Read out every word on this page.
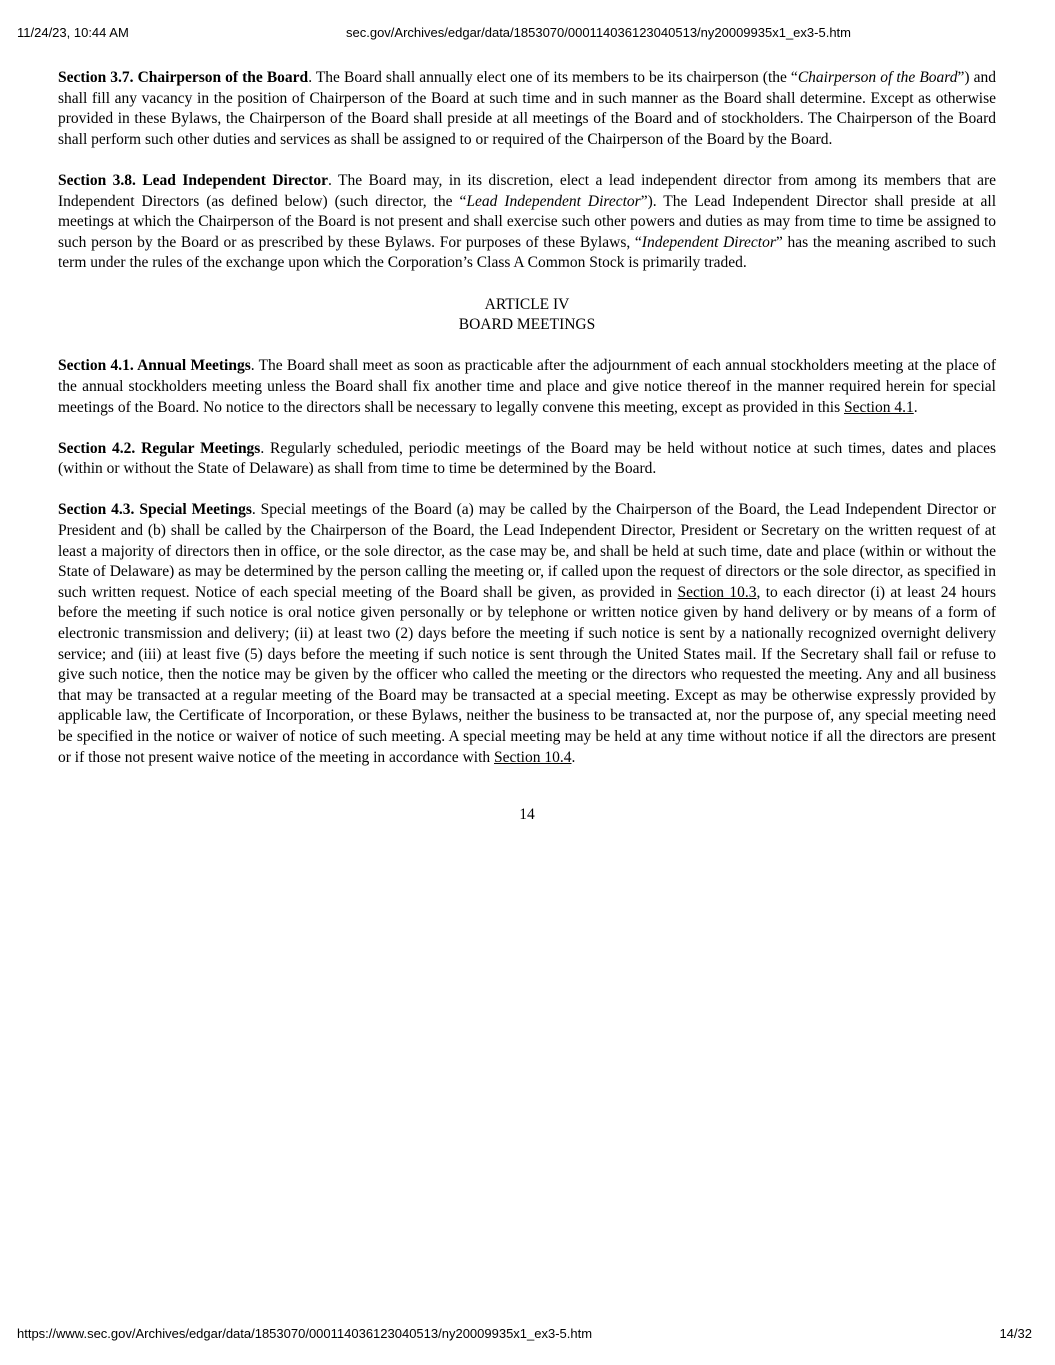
11/24/23, 10:44 AM	sec.gov/Archives/edgar/data/1853070/000114036123040513/ny20009935x1_ex3-5.htm

Section 3.7. Chairperson of the Board. The Board shall annually elect one of its members to be its chairperson (the “Chairperson of the Board”) and shall fill any vacancy in the position of Chairperson of the Board at such time and in such manner as the Board shall determine. Except as otherwise provided in these Bylaws, the Chairperson of the Board shall preside at all meetings of the Board and of stockholders. The Chairperson of the Board shall perform such other duties and services as shall be assigned to or required of the Chairperson of the Board by the Board.

Section 3.8. Lead Independent Director. The Board may, in its discretion, elect a lead independent director from among its members that are Independent Directors (as defined below) (such director, the “Lead Independent Director”). The Lead Independent Director shall preside at all meetings at which the Chairperson of the Board is not present and shall exercise such other powers and duties as may from time to time be assigned to such person by the Board or as prescribed by these Bylaws. For purposes of these Bylaws, “Independent Director” has the meaning ascribed to such term under the rules of the exchange upon which the Corporation’s Class A Common Stock is primarily traded.

ARTICLE IV

BOARD MEETINGS

Section 4.1. Annual Meetings. The Board shall meet as soon as practicable after the adjournment of each annual stockholders meeting at the place of the annual stockholders meeting unless the Board shall fix another time and place and give notice thereof in the manner required herein for special meetings of the Board. No notice to the directors shall be necessary to legally convene this meeting, except as provided in this Section 4.1.

Section 4.2. Regular Meetings. Regularly scheduled, periodic meetings of the Board may be held without notice at such times, dates and places (within or without the State of Delaware) as shall from time to time be determined by the Board.

Section 4.3. Special Meetings. Special meetings of the Board (a) may be called by the Chairperson of the Board, the Lead Independent Director or President and (b) shall be called by the Chairperson of the Board, the Lead Independent Director, President or Secretary on the written request of at least a majority of directors then in office, or the sole director, as the case may be, and shall be held at such time, date and place (within or without the State of Delaware) as may be determined by the person calling the meeting or, if called upon the request of directors or the sole director, as specified in such written request. Notice of each special meeting of the Board shall be given, as provided in Section 10.3, to each director (i) at least 24 hours before the meeting if such notice is oral notice given personally or by telephone or written notice given by hand delivery or by means of a form of electronic transmission and delivery; (ii) at least two (2) days before the meeting if such notice is sent by a nationally recognized overnight delivery service; and (iii) at least five (5) days before the meeting if such notice is sent through the United States mail. If the Secretary shall fail or refuse to give such notice, then the notice may be given by the officer who called the meeting or the directors who requested the meeting. Any and all business that may be transacted at a regular meeting of the Board may be transacted at a special meeting. Except as may be otherwise expressly provided by applicable law, the Certificate of Incorporation, or these Bylaws, neither the business to be transacted at, nor the purpose of, any special meeting need be specified in the notice or waiver of notice of such meeting. A special meeting may be held at any time without notice if all the directors are present or if those not present waive notice of the meeting in accordance with Section 10.4.

14
https://www.sec.gov/Archives/edgar/data/1853070/000114036123040513/ny20009935x1_ex3-5.htm	14/32
